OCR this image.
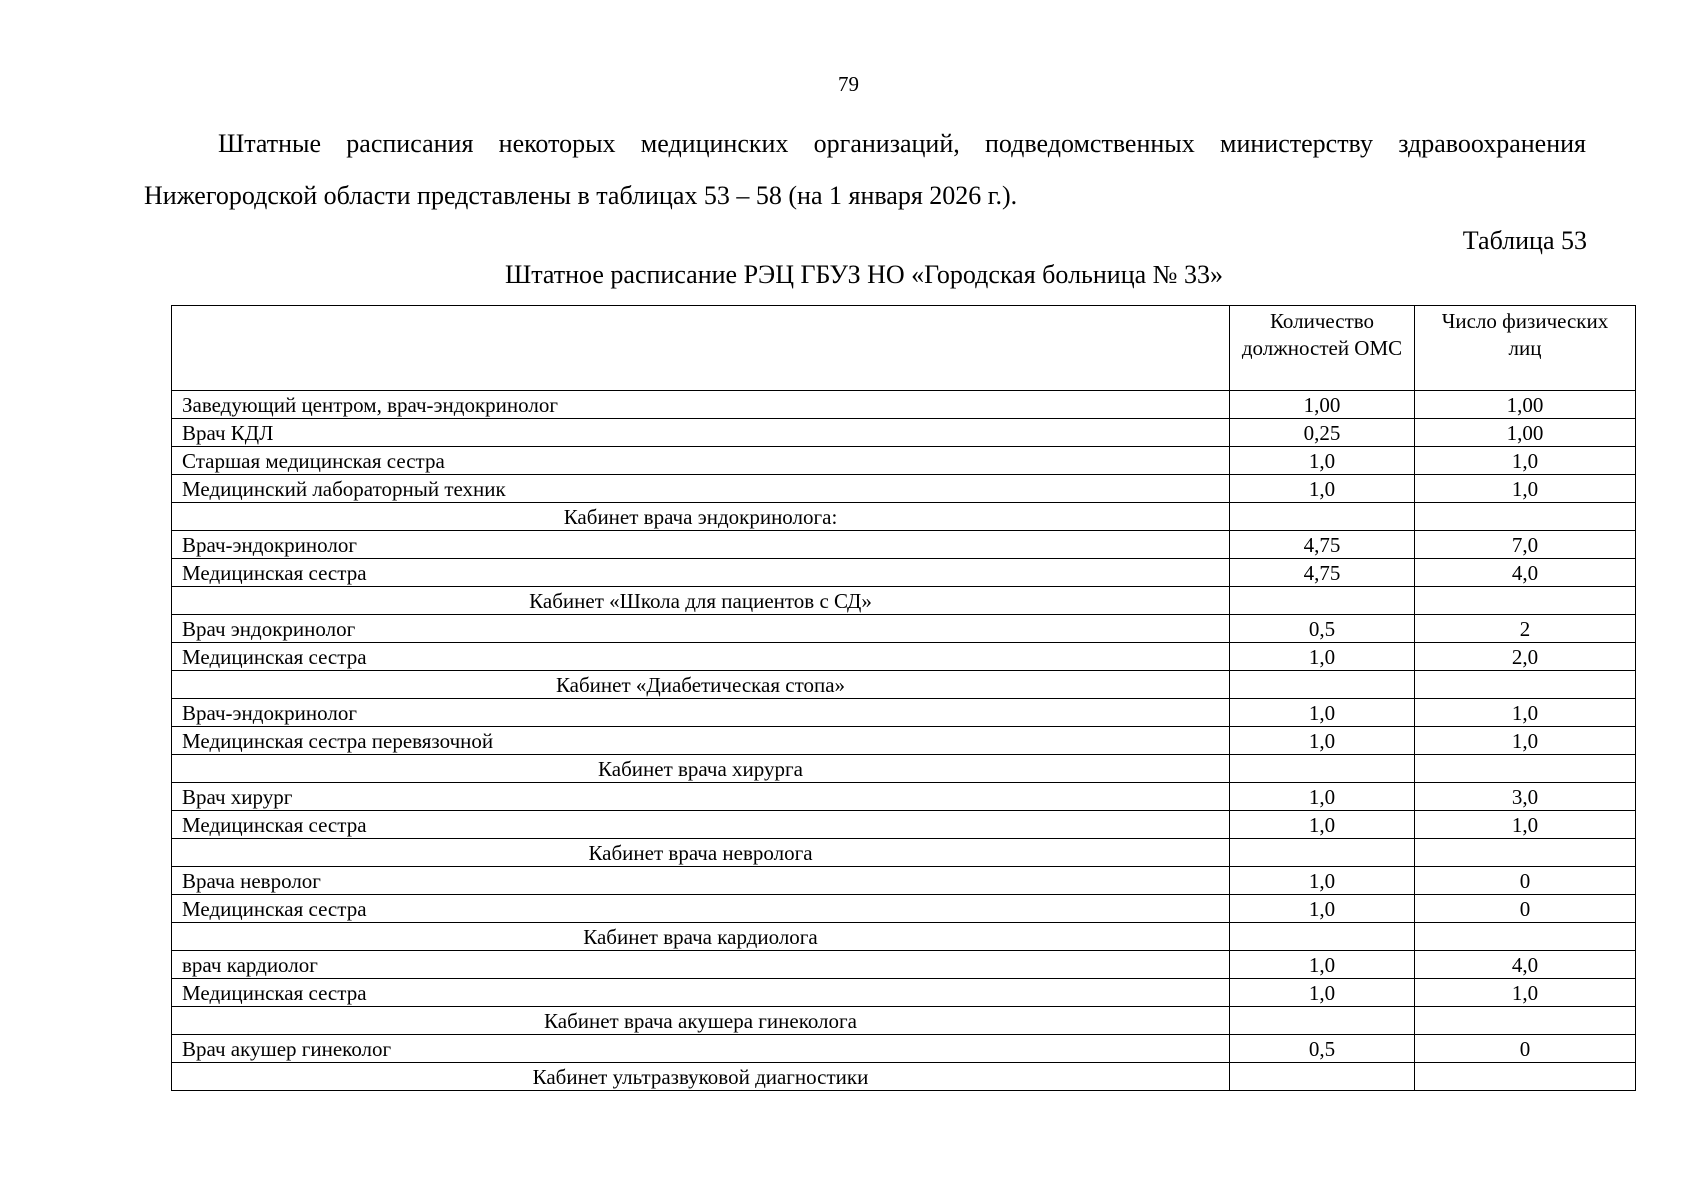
79

Штатные расписания некоторых медицинских организаций, подведомственных министерству здравоохранения Нижегородской области представлены в таблицах 53 – 58 (на 1 января 2026 г.).

Таблица 53
Штатное расписание РЭЦ ГБУЗ НО «Городская больница № 33»
	Количество должностей ОМС	Число физических лиц
Заведующий центром, врач-эндокринолог	1,00	1,00
Врач КДЛ	0,25	1,00
Старшая медицинская сестра	1,0	1,0
Медицинский лабораторный техник	1,0	1,0
Кабинет врача эндокринолога:		
Врач-эндокринолог	4,75	7,0
Медицинская сестра	4,75	4,0
Кабинет «Школа для пациентов с СД»		
Врач эндокринолог	0,5	2
Медицинская сестра	1,0	2,0
Кабинет «Диабетическая стопа»		
Врач-эндокринолог	1,0	1,0
Медицинская сестра перевязочной	1,0	1,0
Кабинет врача хирурга		
Врач хирург	1,0	3,0
Медицинская сестра	1,0	1,0
Кабинет врача невролога		
Врача невролог	1,0	0
Медицинская сестра	1,0	0
Кабинет врача кардиолога		
врач кардиолог	1,0	4,0
Медицинская сестра	1,0	1,0
Кабинет врача акушера гинеколога		
Врач акушер гинеколог	0,5	0
Кабинет ультразвуковой диагностики		
